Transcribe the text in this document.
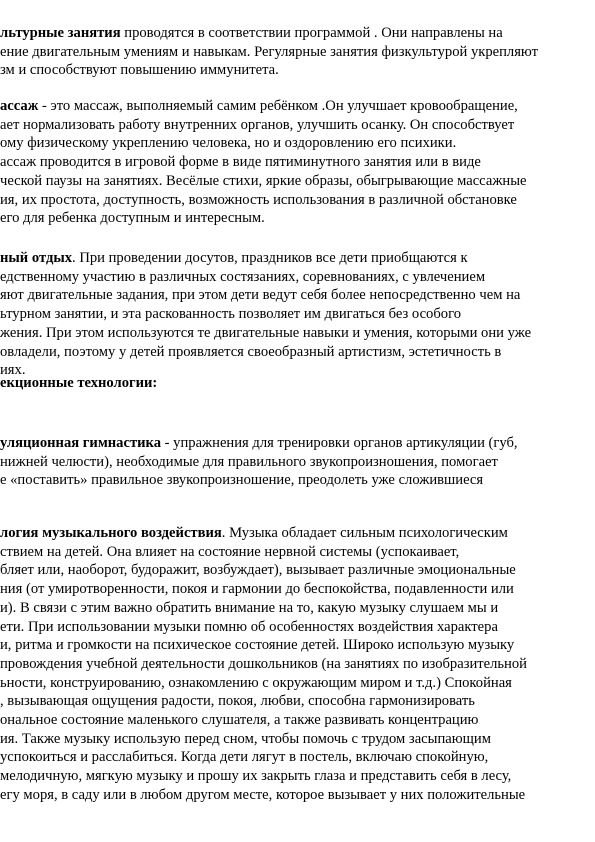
льтурные занятия проводятся в соответствии программой . Они направлены на
ение двигательным умениям и навыкам. Регулярные занятия физкультурой укрепляют
зм и способствуют повышению иммунитета.
ассаж - это массаж, выполняемый самим ребёнком .Он улучшает кровообращение,
ает нормализовать работу внутренних органов, улучшить осанку. Он способствует
ому физическому укреплению человека, но и оздоровлению его психики.
ассаж проводится в игровой форме в виде пятиминутного занятия или в виде
ческой паузы на занятиях. Весёлые стихи, яркие образы, обыгрывающие массажные
ия, их простота, доступность, возможность использования в различной обстановке
его для ребенка доступным и интересным.
ный отдых. При проведении досутов, праздников все дети приобщаются к
едственному участию в различных состязаниях, соревнованиях, с увлечением
яют двигательные задания, при этом дети ведут себя более непосредственно чем на
ьтурном занятии, и эта раскованность позволяет им двигаться без особого
жения. При этом используются те двигательные навыки и умения, которыми они уже
овладели, поэтому у детей проявляется своеобразный артистизм, эстетичность в
иях.
екционные технологии:
уляционная гимнастика - упражнения для тренировки органов артикуляции (губ,
нижней челюсти), необходимые для правильного звукопроизношения, помогает
е «поставить» правильное звукопроизношение, преодолеть уже сложившиеся
логия музыкального воздействия. Музыка обладает сильным психологическим
ствием на детей. Она влияет на состояние нервной системы (успокаивает,
бляет или, наоборот, будоражит, возбуждает), вызывает различные эмоциональные
ния (от умиротворенности, покоя и гармонии до беспокойства, подавленности или
и). В связи с этим важно обратить внимание на то, какую музыку слушаем мы и
ети. При использовании музыки помню об особенностях воздействия характера
и, ритма и громкости на психическое состояние детей. Широко использую музыку
провождения учебной деятельности дошкольников (на занятиях по изобразительной
ьности, конструированию, ознакомлению с окружающим миром и т.д.) Спокойная
, вызывающая ощущения радости, покоя, любви, способна гармонизировать
ональное состояние маленького слушателя, а также развивать концентрацию
ия. Также музыку использую перед сном, чтобы помочь с трудом засыпающим
успокоиться и расслабиться. Когда дети лягут в постель, включаю спокойную,
мелодичную, мягкую музыку и прошу их закрыть глаза и представить себя в лесу,
егу моря, в саду или в любом другом месте, которое вызывает у них положительные
